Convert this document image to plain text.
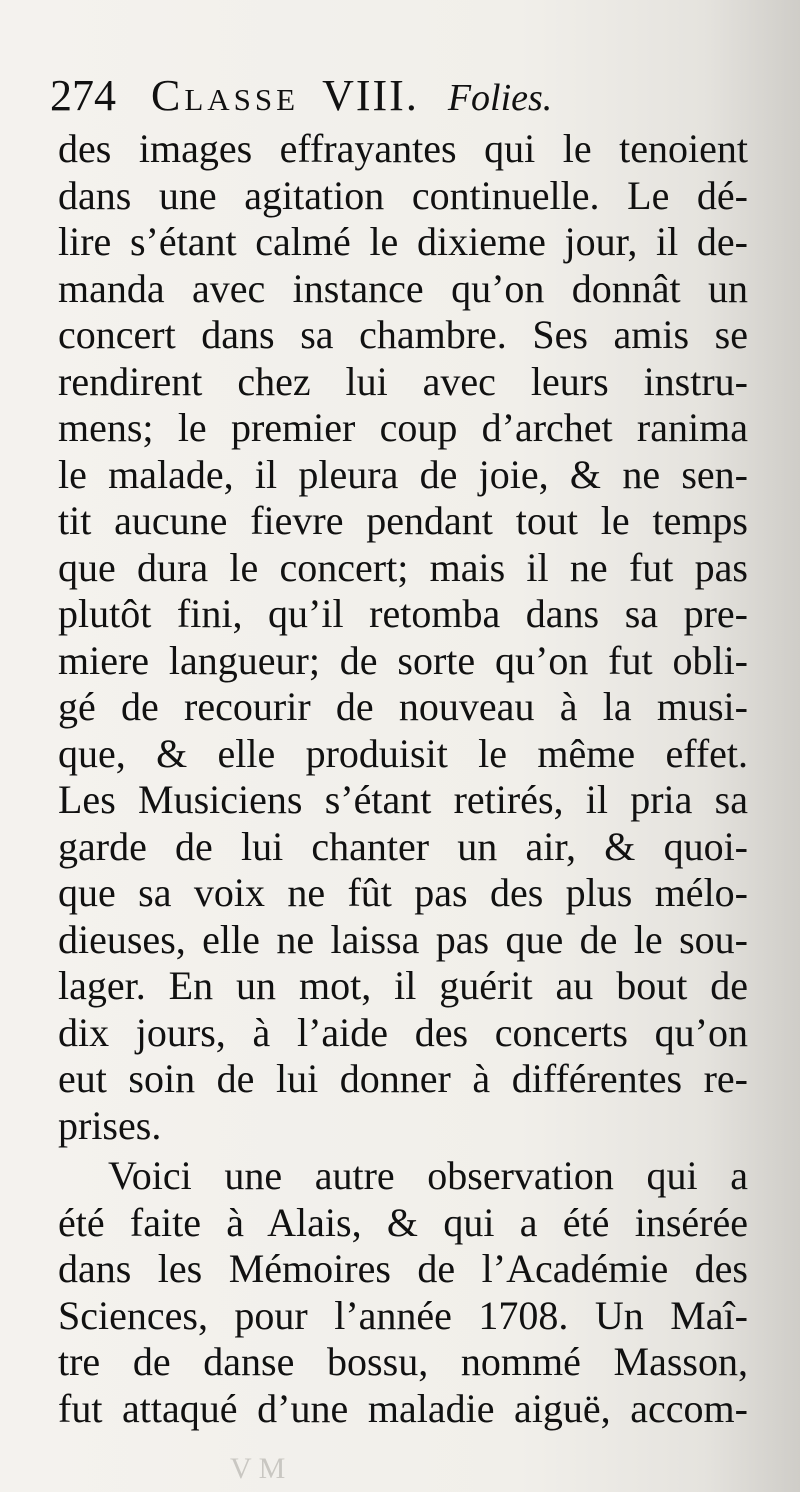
274 Classe VIII. Folies.
des images effrayantes qui le tenoient
dans une agitation continuelle. Le dé-
lire s’étant calmé le dixieme jour, il de-
manda avec instance qu’on donnât un
concert dans sa chambre. Ses amis se
rendirent chez lui avec leurs instru-
mens; le premier coup d’archet ranima
le malade, il pleura de joie, & ne sen-
tit aucune fievre pendant tout le temps
que dura le concert; mais il ne fut pas
plutôt fini, qu’il retomba dans sa pre-
miere langueur; de sorte qu’on fut obli-
gé de recourir de nouveau à la musi-
que, & elle produisit le même effet.
Les Musiciens s’étant retirés, il pria sa
garde de lui chanter un air, & quoi-
que sa voix ne fût pas des plus mélo-
dieuses, elle ne laissa pas que de le sou-
lager. En un mot, il guérit au bout de
dix jours, à l’aide des concerts qu’on
eut soin de lui donner à différentes re-
prises.
Voici une autre observation qui a
été faite à Alais, & qui a été insérée
dans les Mémoires de l’Académie des
Sciences, pour l’année 1708. Un Maî-
tre de danse bossu, nommé Masson,
fut attaqué d’une maladie aiguë, accom-
V M
